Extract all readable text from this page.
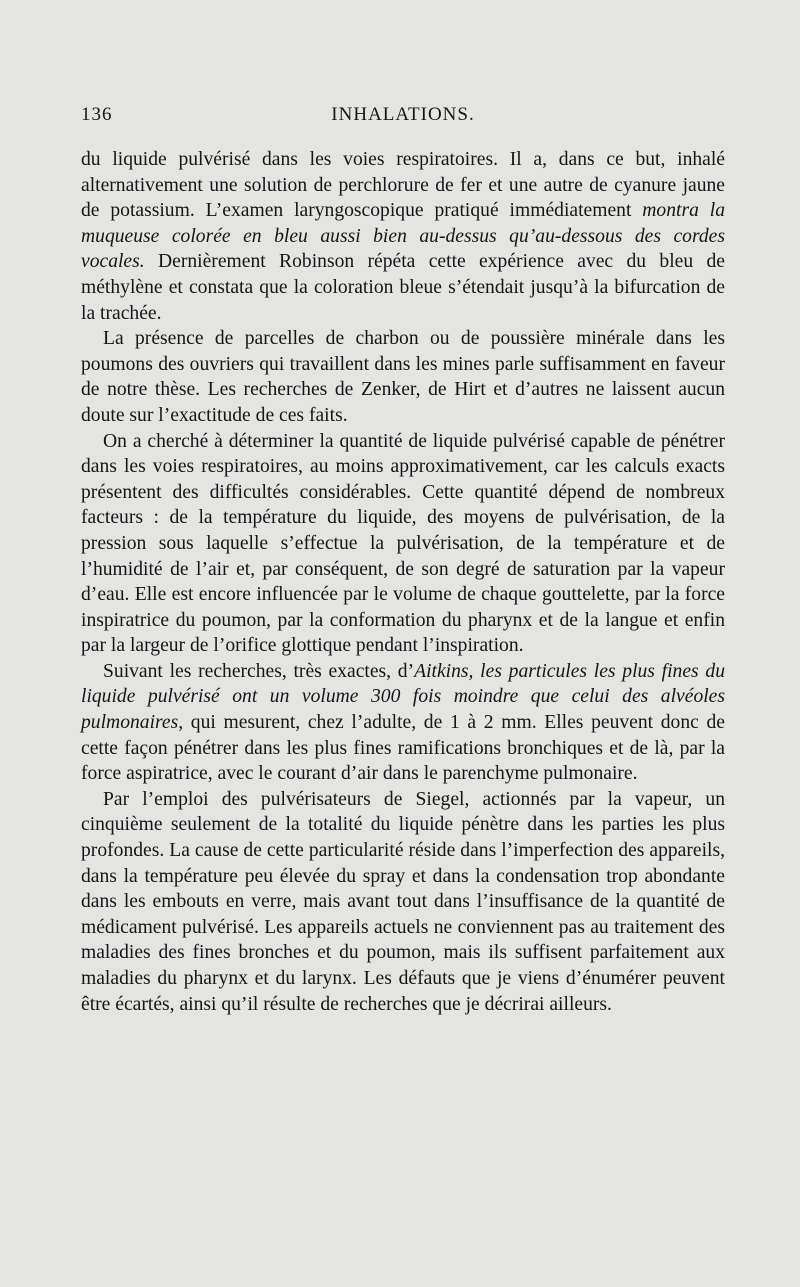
136	INHALATIONS.

du liquide pulvérisé dans les voies respiratoires. Il a, dans ce but, inhalé alternativement une solution de perchlorure de fer et une autre de cyanure jaune de potassium. L’examen laryngoscopique pratiqué immédiatement montra la muqueuse colorée en bleu aussi bien au-dessus qu’au-dessous des cordes vocales. Dernièrement Robinson répéta cette expérience avec du bleu de méthylène et constata que la coloration bleue s’étendait jusqu’à la bifurcation de la trachée.

La présence de parcelles de charbon ou de poussière minérale dans les poumons des ouvriers qui travaillent dans les mines parle suffisamment en faveur de notre thèse. Les recherches de Zenker, de Hirt et d’autres ne laissent aucun doute sur l’exactitude de ces faits.

On a cherché à déterminer la quantité de liquide pulvérisé capable de pénétrer dans les voies respiratoires, au moins approximativement, car les calculs exacts présentent des difficultés considérables. Cette quantité dépend de nombreux facteurs : de la température du liquide, des moyens de pulvérisation, de la pression sous laquelle s’effectue la pulvérisation, de la température et de l’humidité de l’air et, par conséquent, de son degré de saturation par la vapeur d’eau. Elle est encore influencée par le volume de chaque gouttelette, par la force inspiratrice du poumon, par la conformation du pharynx et de la langue et enfin par la largeur de l’orifice glottique pendant l’inspiration.

Suivant les recherches, très exactes, d’Aitkins, les particules les plus fines du liquide pulvérisé ont un volume 300 fois moindre que celui des alvéoles pulmonaires, qui mesurent, chez l’adulte, de 1 à 2 mm. Elles peuvent donc de cette façon pénétrer dans les plus fines ramifications bronchiques et de là, par la force aspiratrice, avec le courant d’air dans le parenchyme pulmonaire.

Par l’emploi des pulvérisateurs de Siegel, actionnés par la vapeur, un cinquième seulement de la totalité du liquide pénètre dans les parties les plus profondes. La cause de cette particularité réside dans l’imperfection des appareils, dans la température peu élevée du spray et dans la condensation trop abondante dans les embouts en verre, mais avant tout dans l’insuffisance de la quantité de médicament pulvérisé. Les appareils actuels ne conviennent pas au traitement des maladies des fines bronches et du poumon, mais ils suffisent parfaitement aux maladies du pharynx et du larynx. Les défauts que je viens d’énumérer peuvent être écartés, ainsi qu’il résulte de recherches que je décrirai ailleurs.
